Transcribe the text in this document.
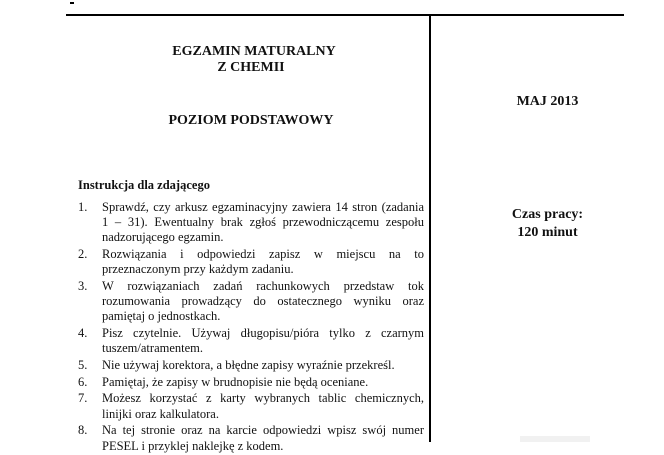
EGZAMIN MATURALNY

Z CHEMII

POZIOM PODSTAWOWY
MAJ 2013
Czas pracy:
120 minut
Instrukcja dla zdającego
1. Sprawdź, czy arkusz egzaminacyjny zawiera 14 stron (zadania 1 – 31). Ewentualny brak zgłoś przewodniczącemu zespołu nadzorującego egzamin.
2. Rozwiązania i odpowiedzi zapisz w miejscu na to przeznaczonym przy każdym zadaniu.
3. W rozwiązaniach zadań rachunkowych przedstaw tok rozumowania prowadzący do ostatecznego wyniku oraz pamiętaj o jednostkach.
4. Pisz czytelnie. Używaj długopisu/pióra tylko z czarnym tuszem/atramentem.
5. Nie używaj korektora, a błędne zapisy wyraźnie przekreśl.
6. Pamiętaj, że zapisy w brudnopisie nie będą oceniane.
7. Możesz korzystać z karty wybranych tablic chemicznych, linijki oraz kalkulatora.
8. Na tej stronie oraz na karcie odpowiedzi wpisz swój numer PESEL i przyklej naklejkę z kodem.
